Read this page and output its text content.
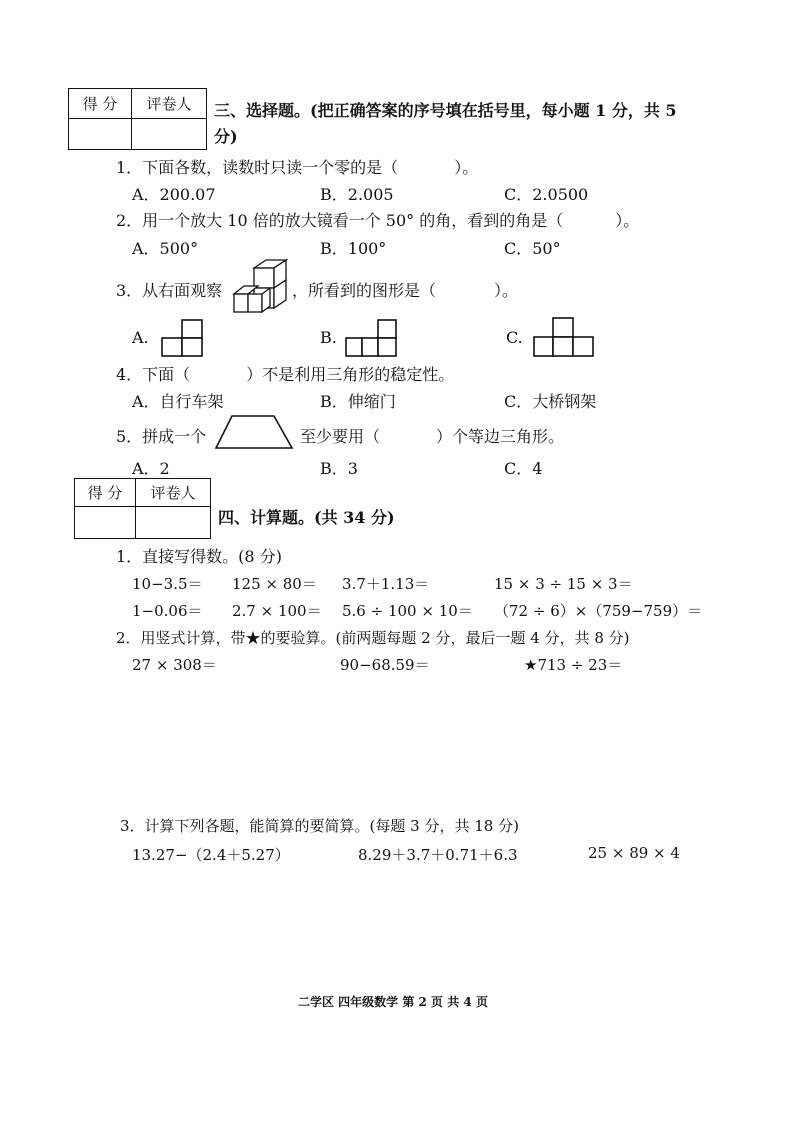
得 分	评卷人
	三、选择题。(把正确答案的序号填在括号里，每小题 1 分，共 5
分)
1．下面各数，读数时只读一个零的是（	）。
A．200.07	B．2.005	C．2.0500
2．用一个放大 10 倍的放大镜看一个 50° 的角，看到的角是（	）。
A．500°	B．100°	C．50°
3．从右面观察	，所看到的图形是（	）。
A.	B.	C.
4．下面（	）不是利用三角形的稳定性。
A．自行车架	B．伸缩门	C．大桥钢架
5．拼成一个	至少要用（	）个等边三角形。
A．2	B．3	C．4
得 分	评卷人

四、计算题。(共 34 分)
1．直接写得数。(8 分)
10−3.5＝ 125 × 80＝ 3.7＋1.13＝	15 × 3 ÷ 15 × 3＝
1−0.06＝ 2.7 × 100＝ 5.6 ÷ 100 × 10＝ （72 ÷ 6）×（759−759）＝
2．用竖式计算，带★的要验算。(前两题每题 2 分，最后一题 4 分，共 8 分)
27 × 308＝	90−68.59＝	★713 ÷ 23＝
3．计算下列各题，能简算的要简算。(每题 3 分，共 18 分)
13.27−（2.4＋5.27）	8.29＋3.7＋0.71＋6.3	25 × 89 × 4
二学区 四年级数学 第 2 页 共 4 页
